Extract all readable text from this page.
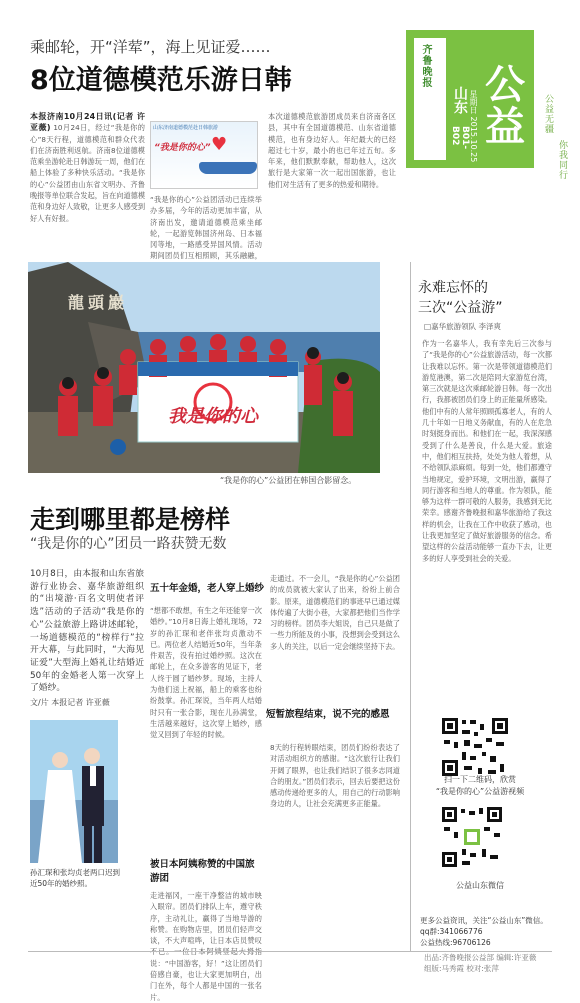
乘邮轮，开“洋荤”，海上见证爱……
8位道德模范乐游日韩	齐鲁晚报
山东 星期日 2015.10.25
B01-B02
公益	公益无疆
你我同行
本报济南10月24日讯(记者 许亚薇) 10月24日，经过“我是你的心”8天行程，道德模范和群众代表们在济南胜利返航。济南8位道德模范乘坐游轮赴日韩游玩一周，他们在船上体验了多种快乐活动。“我是你的心”公益团由山东省文明办、齐鲁晚报等单位联合发起，旨在向道德模范和身边好人致敬，让更多人感受到好人有好报。
山东济南道德模范赴日韩旅游
“我是你的心” ♥
“我是你的心”公益团活动已连续举办多届，今年的活动更加丰富，从济南出发，邀请道德模范乘坐邮轮，一起游览韩国济州岛、日本福冈等地，一路感受异国风情。活动期间团员们互相照顾，其乐融融，
本次道德模范旅游团成员来自济南各区县，其中有全国道德模范、山东省道德模范，也有身边好人。年纪最大的已经超过七十岁，最小的也已年过五旬。多年来，他们默默奉献，帮助他人，这次旅行是大家第一次一起出国旅游，也让他们对生活有了更多的热爱和期待。
龍頭巖
我是你的心
“我是你的心”公益团在韩国合影留念。
走到哪里都是榜样
“我是你的心”团员一路获赞无数
10月8日，由本报和山东省旅游行业协会、嘉华旅游组织的“出境游·百名文明使者评选”活动的子活动“我是你的心”公益旅游上路讲述邮轮，一场道德模范的“榜样行”拉开大幕，与此同时，“大海见证爱”大型海上婚礼让结婚近50年的金婚老人第一次穿上了婚纱。
文/片 本报记者 许亚薇
孙汇琛和张均贞老两口迟到近50年的婚纱照。
五十年金婚，老人穿上婚纱
“想都不敢想，有生之年还能穿一次婚纱。”10月8日海上婚礼现场，72岁的孙汇琛和老伴张均贞激动不已。两位老人结婚近50年，当年条件艰苦，没有拍过婚纱照。这次在邮轮上，在众多游客的见证下，老人终于圆了婚纱梦。现场，主持人为他们送上祝福，船上的乘客也纷纷鼓掌。孙汇琛说，当年两人结婚时只有一张合影，现在儿孙满堂，生活越来越好，这次穿上婚纱，感觉又回到了年轻的时候。
被日本阿姨称赞的中国旅游团
走进福冈，一座干净整洁的城市映入眼帘。团员们排队上车，遵守秩序，主动礼让，赢得了当地导游的称赞。在购物店里，团员们轻声交谈，不大声喧哗，让日本店员赞叹 说：“中国游客，好！”这让团员们倍感自豪，也让大家更加明白，出门在外，每个人都是中国的一张名片。
走通过。不一会儿，“我是你的心”公益团的成员就被大家认了出来，纷纷上前合影。原来，道德模范们的事迹早已通过媒体传遍了大街小巷，大家都把他们当作学习的榜样。团员李大姐说，自己只是做了一些力所能及的小事，没想到会受到这么多人的关注，以后一定会继续坚持下去。
短暂旅程结束，说不完的感恩
8天的行程转眼结束，团员们纷纷表达了对活动组织方的感谢。“这次旅行让我们开阔了眼界，也让我们结识了很多志同道合的朋友。”团员们表示，回去后要把这份感动传递给更多的人，用自己的行动影响身边的人，让社会充满更多正能量。
永难忘怀的
三次“公益游”
□嘉华旅游领队 李泽爽
作为一名嘉华人，我有幸先后三次参与了“我是你的心”公益旅游活动，每一次都让我难以忘怀。第一次是带领道德模范们游览港澳，第二次是陪同大家游览台湾，第三次就是这次乘邮轮游日韩。每一次出行，我都被团员们身上的正能量所感染。他们中有的人常年照顾孤寡老人，有的人几十年如一日地义务献血，有的人在危急时刻挺身而出。和他们在一起，我深深感受到了什么是善良，什么是大爱。旅途中，他们相互扶持，处处为他人着想，从不给领队添麻烦。每到一处，他们都遵守当地规定，爱护环境，文明出游，赢得了同行游客和当地人的尊重。作为领队，能够为这样一群可敬的人服务，我感到无比荣幸。感谢齐鲁晚报和嘉华旅游给了我这样的机会，让我在工作中收获了感动，也让我更加坚定了做好旅游服务的信念。希望这样的公益活动能够一直办下去，让更多的好人享受到社会的关爱。
扫一下二维码，欣赏
“我是你的心”公益游视频
公益山东微信
更多公益资讯，关注“公益山东”微信。
qq群:341066776
公益热线:96706126
出品:齐鲁晚报公益部 编辑:许亚薇
组版:马秀霞 校对:张萍
